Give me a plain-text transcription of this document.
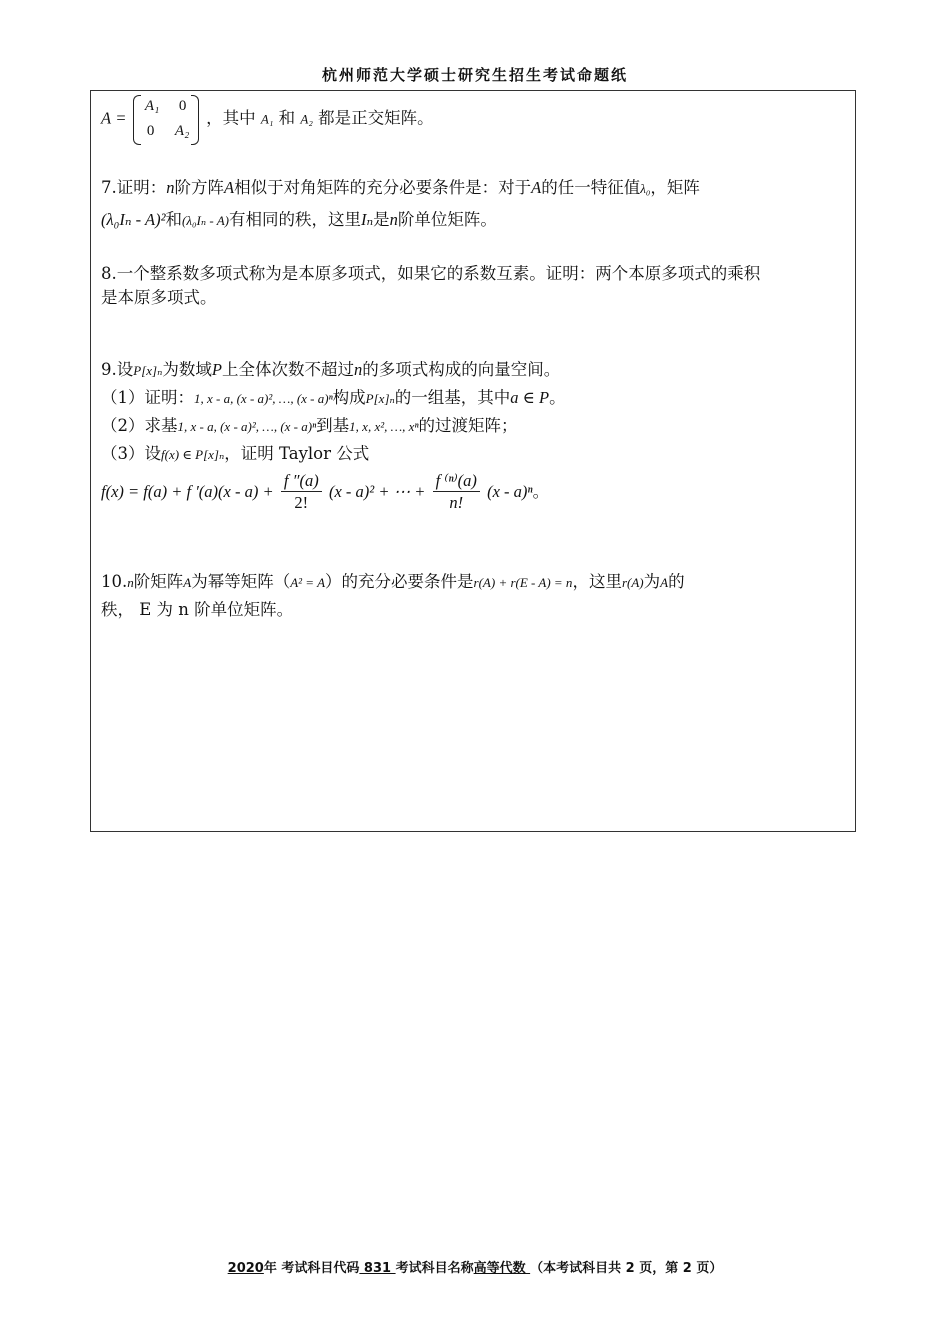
杭州师范大学硕士研究生招生考试命题纸
A =
A₁ 0
0 A₂
，其中 A₁ 和 A₂ 都是正交矩阵。
7.证明：n阶方阵A相似于对角矩阵的充分必要条件是：对于A的任一特征值λ₀，矩阵
(λ₀Iₙ - A)²和(λ₀Iₙ - A)有相同的秩，这里Iₙ是n阶单位矩阵。
8.一个整系数多项式称为是本原多项式，如果它的系数互素。证明：两个本原多项式的乘积
是本原多项式。
9.设P[x]ₙ为数域P上全体次数不超过n的多项式构成的向量空间。
（1）证明：1, x - a, (x - a)², …, (x - a)ⁿ构成P[x]ₙ的一组基，其中a ∈ P。
（2）求基1, x - a, (x - a)², …, (x - a)ⁿ到基1, x, x², …, xⁿ的过渡矩阵；
（3）设f(x) ∈ P[x]ₙ，证明 Taylor 公式
f(x) = f(a) + f $'(a)(x - a) + \frac{f ''(a)}{2!} (x - a)^2$ + ⋯ + $\frac{\text{f ⁽ⁿ⁾(a)}}{n!} (x - a)^n$。
10.n阶矩阵A为幂等矩阵（A² = A）的充分必要条件是r(A) + r(E - A) = n，这里r(A)为A的
秩， E 为 n 阶单位矩阵。
2020年 考试科目代码 831 考试科目名称高等代数 （本考试科目共 2 页，第 2 页）
